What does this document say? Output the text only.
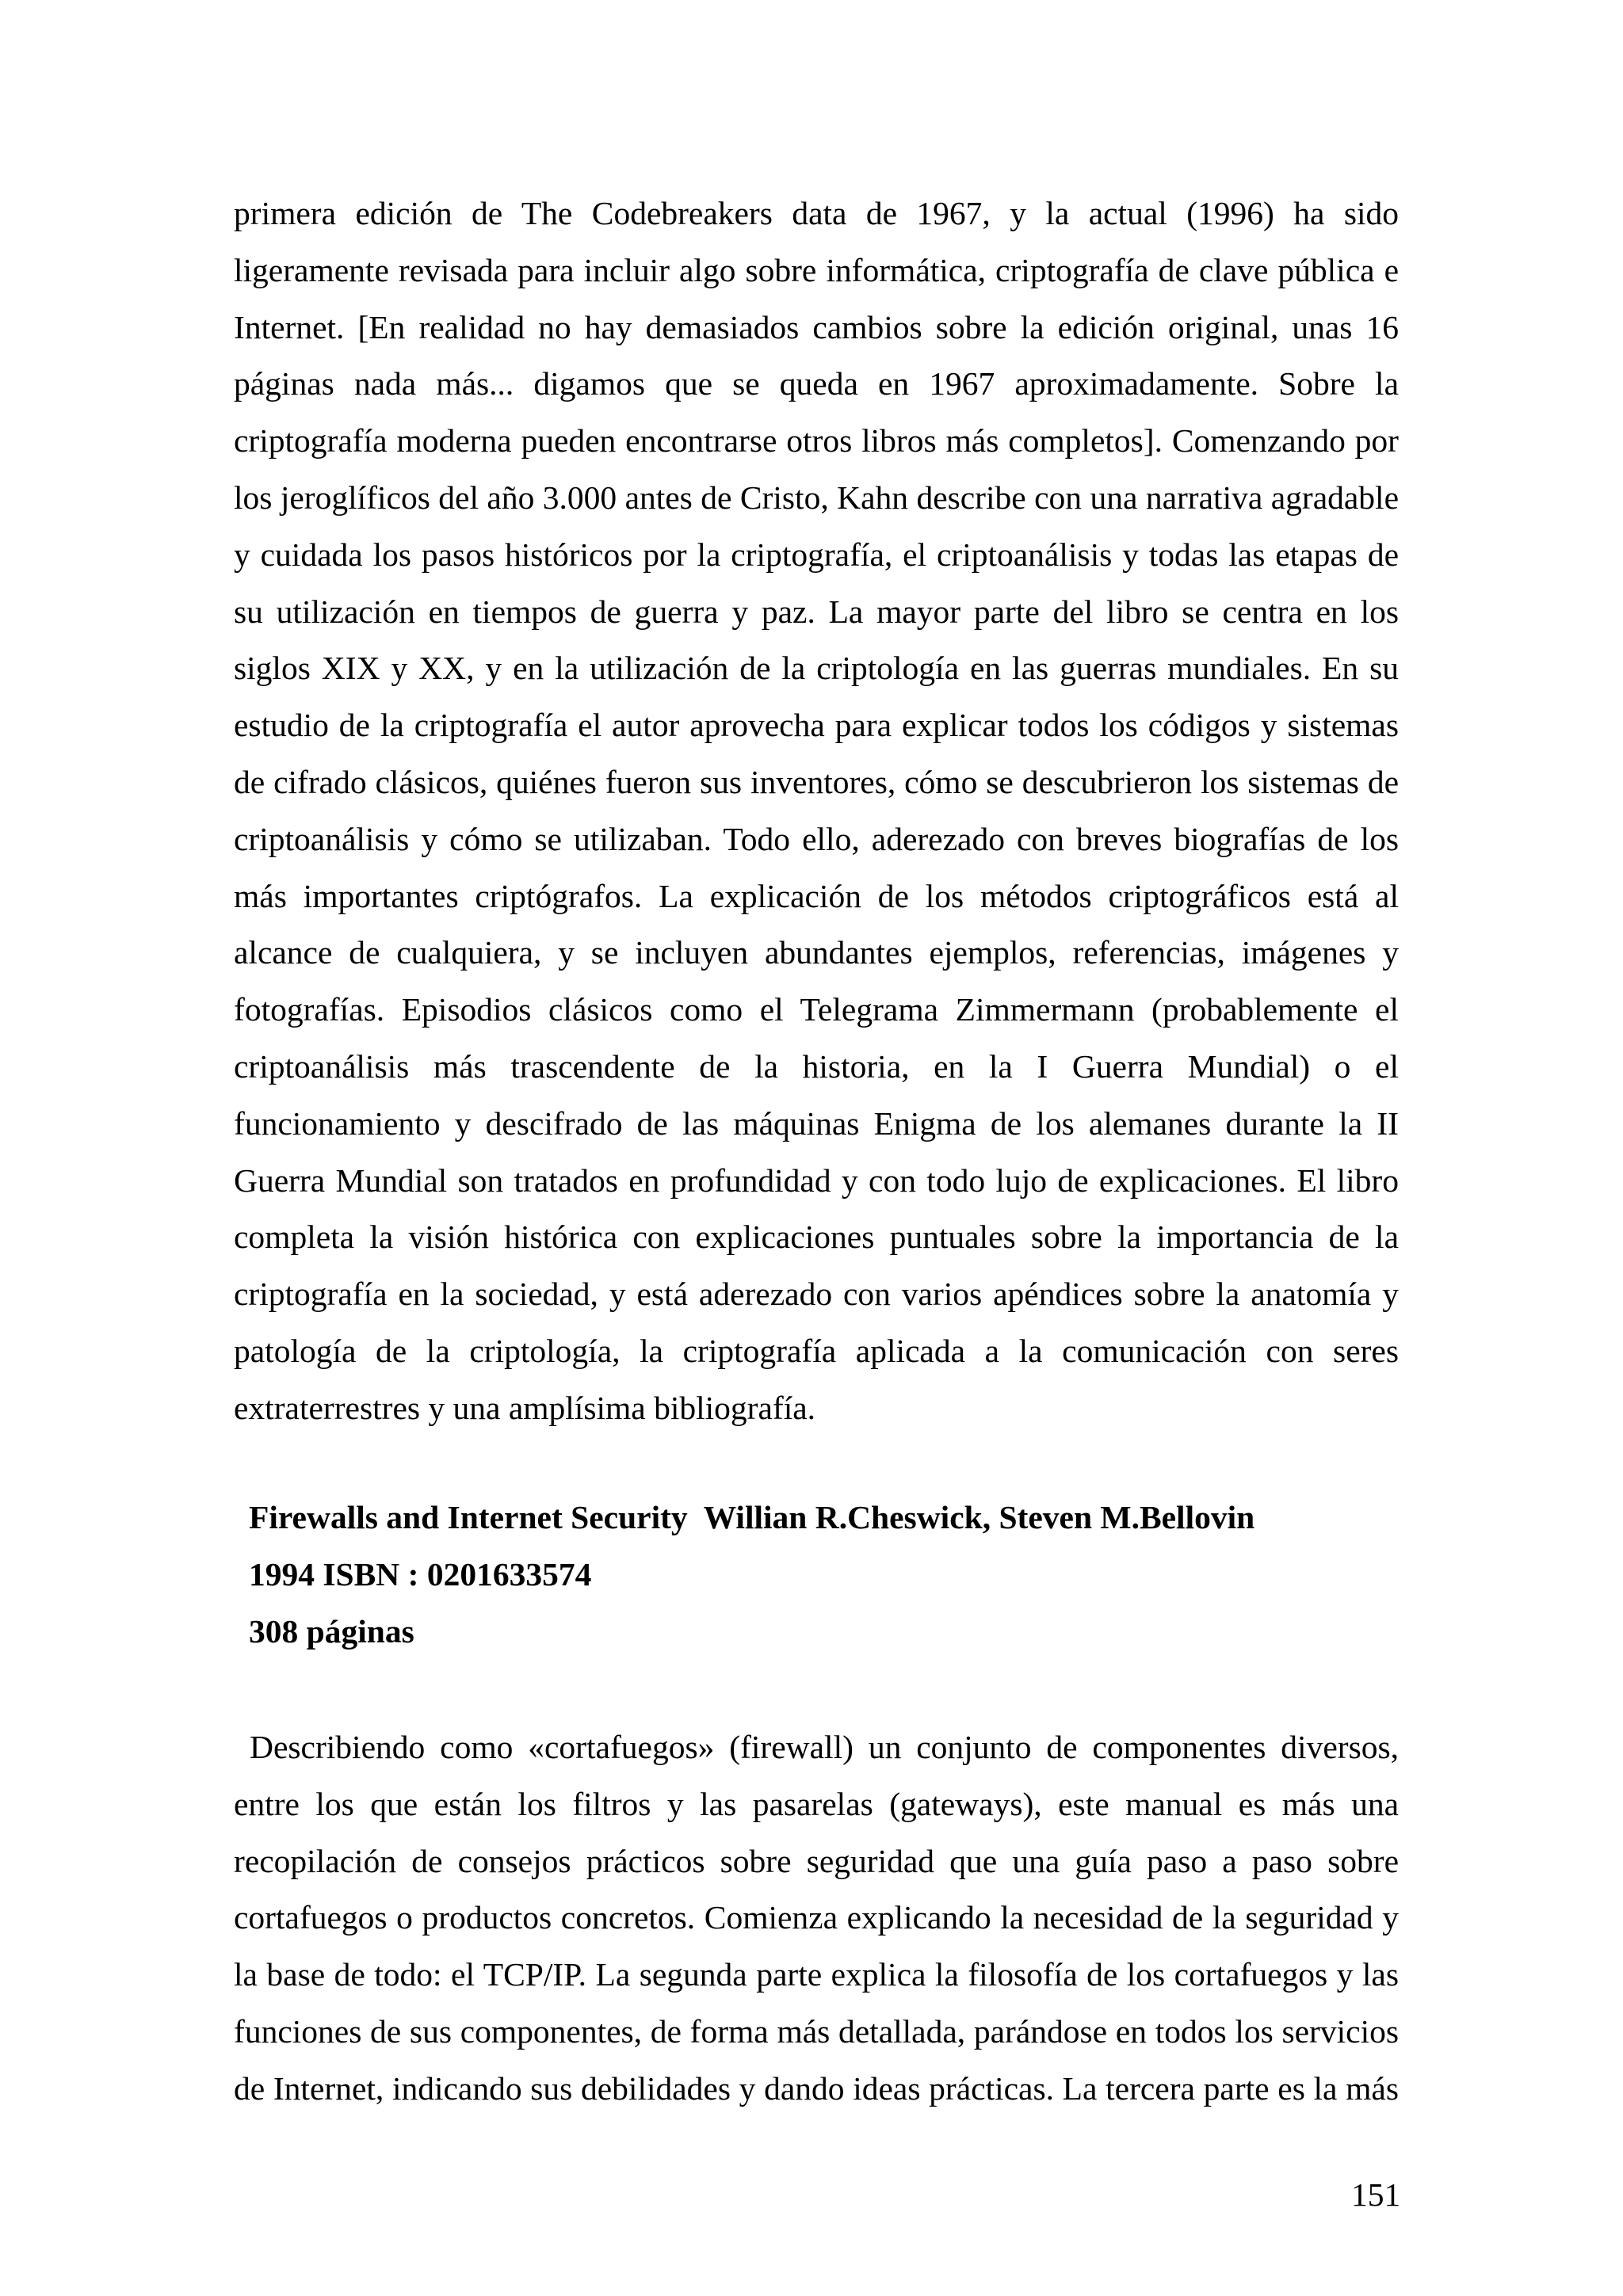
primera edición de The Codebreakers data de 1967, y la actual (1996) ha sido
ligeramente revisada para incluir algo sobre informática, criptografía de clave pública e
Internet. [En realidad no hay demasiados cambios sobre la edición original, unas 16
páginas nada más... digamos que se queda en 1967 aproximadamente. Sobre la
criptografía moderna pueden encontrarse otros libros más completos]. Comenzando por
los jeroglíficos del año 3.000 antes de Cristo, Kahn describe con una narrativa agradable
y cuidada los pasos históricos por la criptografía, el criptoanálisis y todas las etapas de
su utilización en tiempos de guerra y paz. La mayor parte del libro se centra en los
siglos XIX y XX, y en la utilización de la criptología en las guerras mundiales. En su
estudio de la criptografía el autor aprovecha para explicar todos los códigos y sistemas
de cifrado clásicos, quiénes fueron sus inventores, cómo se descubrieron los sistemas de
criptoanálisis y cómo se utilizaban. Todo ello, aderezado con breves biografías de los
más importantes criptógrafos. La explicación de los métodos criptográficos está al
alcance de cualquiera, y se incluyen abundantes ejemplos, referencias, imágenes y
fotografías. Episodios clásicos como el Telegrama Zimmermann (probablemente el
criptoanálisis más trascendente de la historia, en la I Guerra Mundial) o el
funcionamiento y descifrado de las máquinas Enigma de los alemanes durante la II
Guerra Mundial son tratados en profundidad y con todo lujo de explicaciones. El libro
completa la visión histórica con explicaciones puntuales sobre la importancia de la
criptografía en la sociedad, y está aderezado con varios apéndices sobre la anatomía y
patología de la criptología, la criptografía aplicada a la comunicación con seres
extraterrestres y una amplísima bibliografía.
Firewalls and Internet Security  Willian R.Cheswick, Steven M.Bellovin
1994 ISBN : 0201633574
308 páginas
Describiendo como «cortafuegos» (firewall) un conjunto de componentes diversos,
entre los que están los filtros y las pasarelas (gateways), este manual es más una
recopilación de consejos prácticos sobre seguridad que una guía paso a paso sobre
cortafuegos o productos concretos. Comienza explicando la necesidad de la seguridad y
la base de todo: el TCP/IP. La segunda parte explica la filosofía de los cortafuegos y las
funciones de sus componentes, de forma más detallada, parándose en todos los servicios
de Internet, indicando sus debilidades y dando ideas prácticas. La tercera parte es la más
151
